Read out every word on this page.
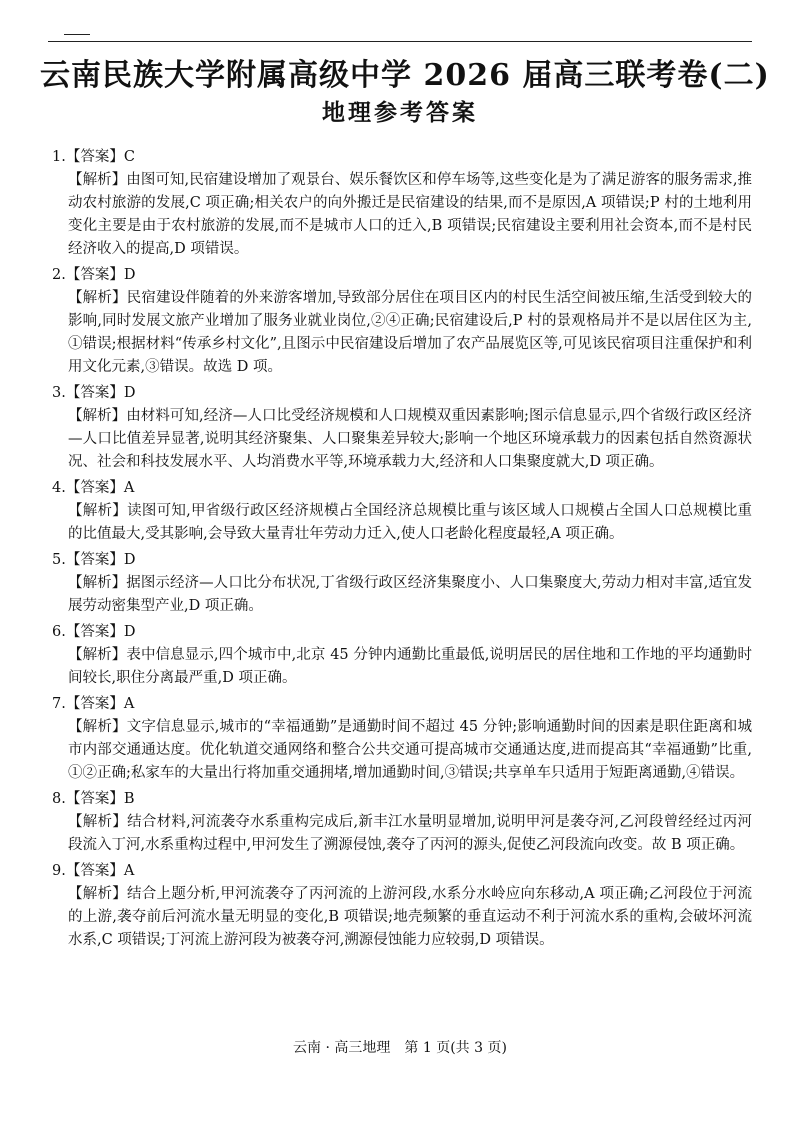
云南民族大学附属高级中学 2026 届高三联考卷(二)
地理参考答案
1.【答案】C
【解析】由图可知,民宿建设增加了观景台、娱乐餐饮区和停车场等,这些变化是为了满足游客的服务需求,推动农村旅游的发展,C 项正确;相关农户的向外搬迁是民宿建设的结果,而不是原因,A 项错误;P 村的土地利用变化主要是由于农村旅游的发展,而不是城市人口的迁入,B 项错误;民宿建设主要利用社会资本,而不是村民经济收入的提高,D 项错误。
2.【答案】D
【解析】民宿建设伴随着的外来游客增加,导致部分居住在项目区内的村民生活空间被压缩,生活受到较大的影响,同时发展文旅产业增加了服务业就业岗位,②④正确;民宿建设后,P 村的景观格局并不是以居住区为主,①错误;根据材料“传承乡村文化”,且图示中民宿建设后增加了农产品展览区等,可见该民宿项目注重保护和利用文化元素,③错误。故选 D 项。
3.【答案】D
【解析】由材料可知,经济—人口比受经济规模和人口规模双重因素影响;图示信息显示,四个省级行政区经济—人口比值差异显著,说明其经济聚集、人口聚集差异较大;影响一个地区环境承载力的因素包括自然资源状况、社会和科技发展水平、人均消费水平等,环境承载力大,经济和人口集聚度就大,D 项正确。
4.【答案】A
【解析】读图可知,甲省级行政区经济规模占全国经济总规模比重与该区域人口规模占全国人口总规模比重的比值最大,受其影响,会导致大量青壮年劳动力迁入,使人口老龄化程度最轻,A 项正确。
5.【答案】D
【解析】据图示经济—人口比分布状况,丁省级行政区经济集聚度小、人口集聚度大,劳动力相对丰富,适宜发展劳动密集型产业,D 项正确。
6.【答案】D
【解析】表中信息显示,四个城市中,北京 45 分钟内通勤比重最低,说明居民的居住地和工作地的平均通勤时间较长,职住分离最严重,D 项正确。
7.【答案】A
【解析】文字信息显示,城市的“幸福通勤”是通勤时间不超过 45 分钟;影响通勤时间的因素是职住距离和城市内部交通通达度。优化轨道交通网络和整合公共交通可提高城市交通通达度,进而提高其“幸福通勤”比重,①②正确;私家车的大量出行将加重交通拥堵,增加通勤时间,③错误;共享单车只适用于短距离通勤,④错误。
8.【答案】B
【解析】结合材料,河流袭夺水系重构完成后,新丰江水量明显增加,说明甲河是袭夺河,乙河段曾经经过丙河段流入丁河,水系重构过程中,甲河发生了溯源侵蚀,袭夺了丙河的源头,促使乙河段流向改变。故 B 项正确。
9.【答案】A
【解析】结合上题分析,甲河流袭夺了丙河流的上游河段,水系分水岭应向东移动,A 项正确;乙河段位于河流的上游,袭夺前后河流水量无明显的变化,B 项错误;地壳频繁的垂直运动不利于河流水系的重构,会破坏河流水系,C 项错误;丁河流上游河段为被袭夺河,溯源侵蚀能力应较弱,D 项错误。
云南 · 高三地理　第 1 页(共 3 页)
